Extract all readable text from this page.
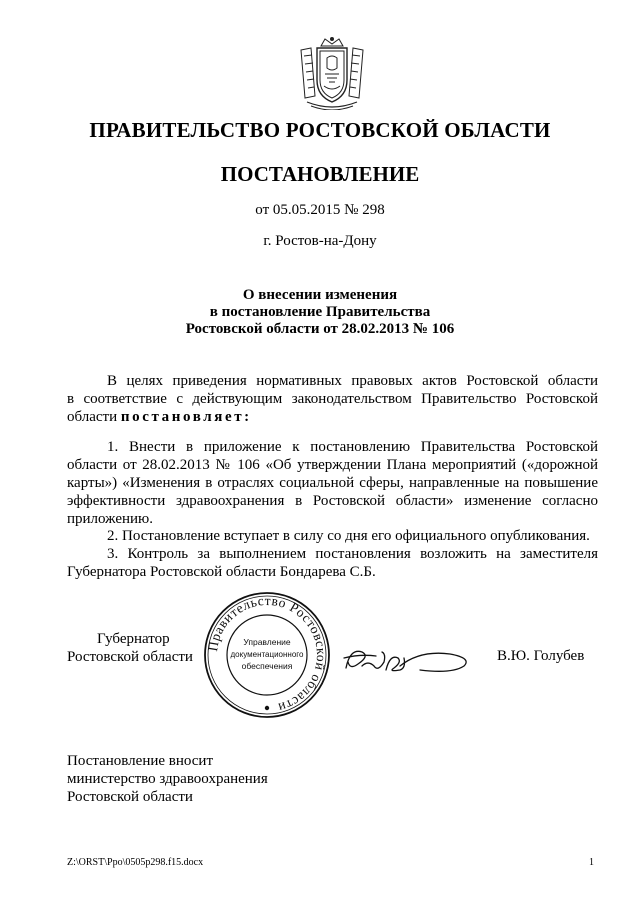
ПРАВИТЕЛЬСТВО РОСТОВСКОЙ ОБЛАСТИ
ПОСТАНОВЛЕНИЕ
от 05.05.2015 № 298
г. Ростов-на-Дону
О внесении изменения
в постановление Правительства
Ростовской области от 28.02.2013 № 106
В целях приведения нормативных правовых актов Ростовской области
в соответствие с действующим законодательством Правительство Ростовской
области постановляет:
1. Внести в приложение к постановлению Правительства Ростовской
области от 28.02.2013 № 106 «Об утверждении Плана мероприятий («дорожной
карты») «Изменения в отраслях социальной сферы, направленные на повышение
эффективности здравоохранения в Ростовской области» изменение согласно
приложению.
2. Постановление вступает в силу со дня его официального опубликования.
3. Контроль за выполнением постановления возложить на заместителя
Губернатора Ростовской области Бондарева С.Б.
Правительство Ростовской области
Управление
документационного
обеспечения
Губернатор
Ростовской области	В.Ю. Голубев
Постановление вносит
министерство здравоохранения
Ростовской области
Z:\ORST\Ppo\0505p298.f15.docx	1
